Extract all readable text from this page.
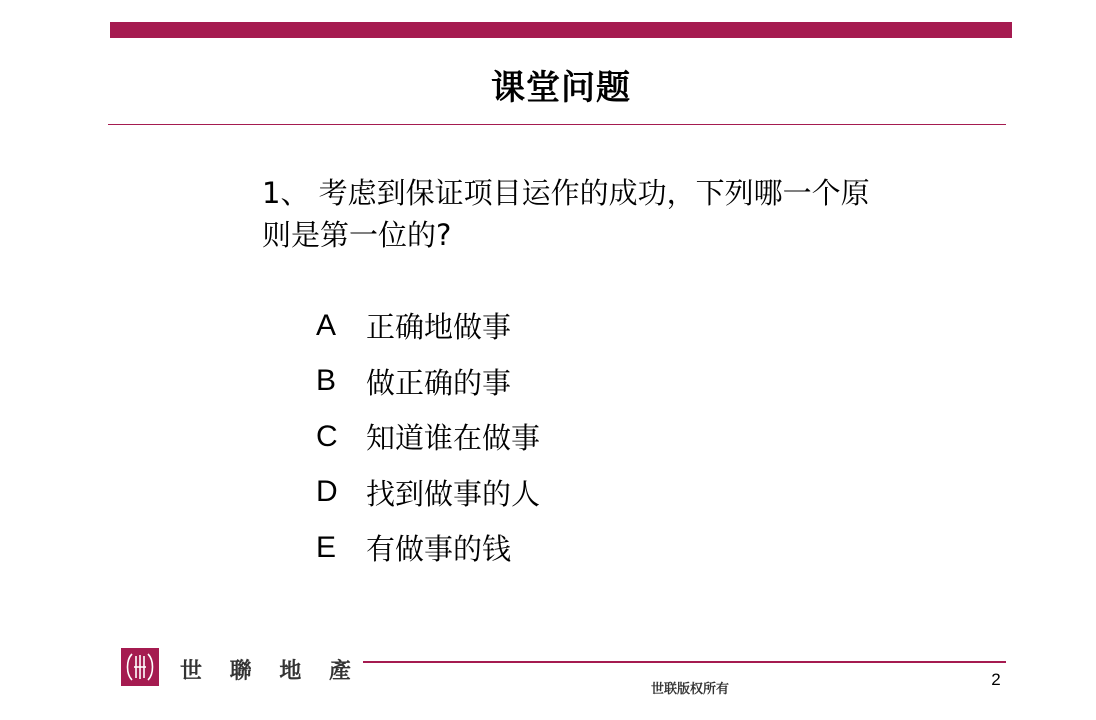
课堂问题
1、 考虑到保证项目运作的成功，下列哪一个原则是第一位的?
A	正确地做事
B	做正确的事
C 知道谁在做事
D 找到做事的人
E	有做事的钱
世 聯 地 產
世联版权所有
2
